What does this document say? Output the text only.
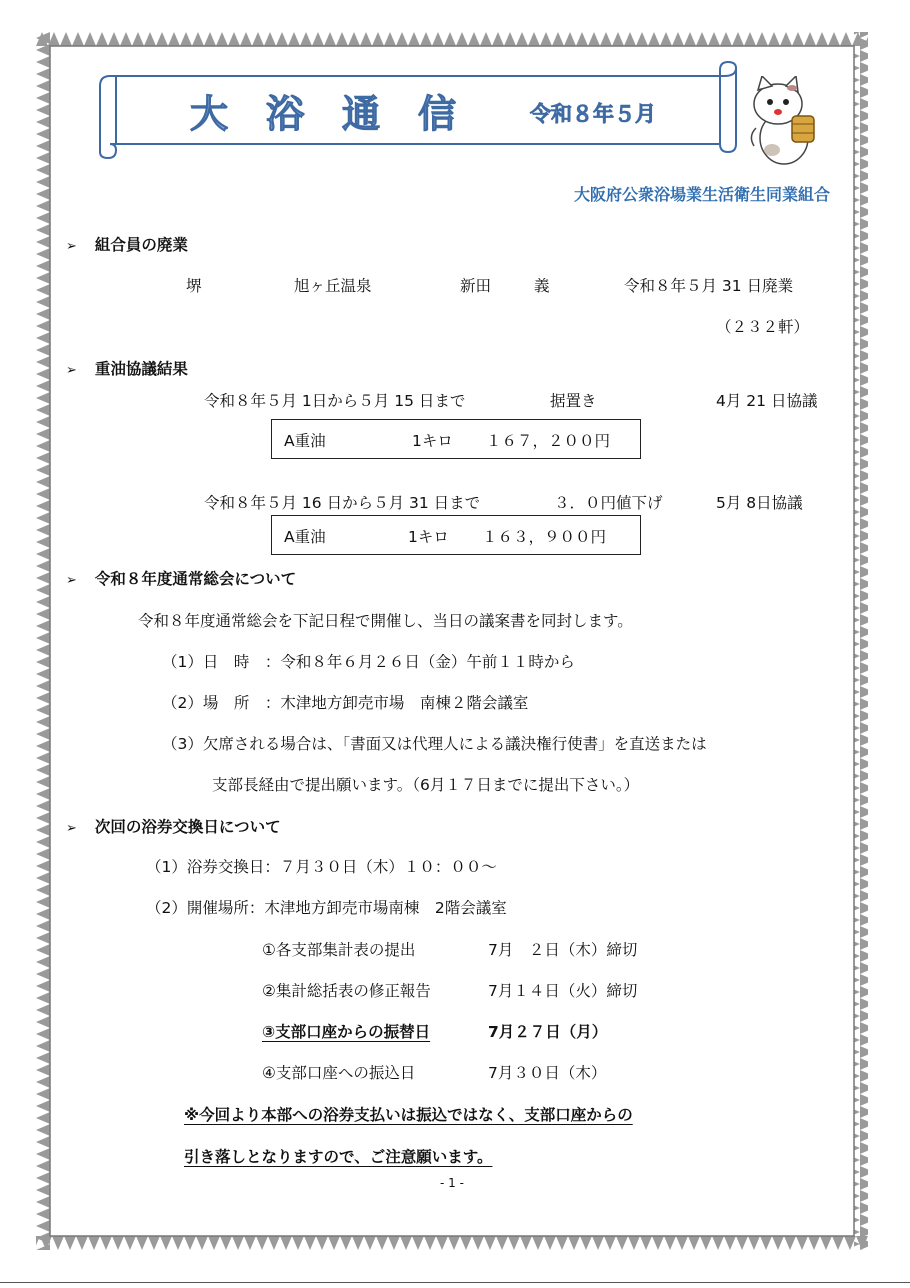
大浴通信 令和８年５月
大阪府公衆浴場業生活衛生同業組合
➢ 組合員の廃業
堺	旭ヶ丘温泉	新田	義	令和８年５月 31 日廃業
（２３２軒）
➢ 重油協議結果
令和８年５月 1日から５月 15 日まで	据置き	4月 21 日協議
A重油	1キロ １６７，２００円
令和８年５月 16 日から５月 31 日まで	３．０円値下げ	5月 8日協議
A重油	1キロ １６３，９００円
➢ 令和８年度通常総会について
令和８年度通常総会を下記日程で開催し、当日の議案書を同封します。
（1）日　時　：令和８年６月２６日（金）午前１１時から
（2）場　所　：木津地方卸売市場　南棟２階会議室
（3）欠席される場合は、「書面又は代理人による議決権行使書」を直送または
支部長経由で提出願います。（6月１７日までに提出下さい。）
➢ 次回の浴券交換日について
（1）浴券交換日：７月３０日（木）１０：００～
（2）開催場所：木津地方卸売市場南棟　2階会議室
①各支部集計表の提出	7月　２日（木）締切
②集計総括表の修正報告	7月１４日（火）締切
③支部口座からの振替日	7月２７日（月）
④支部口座への振込日	7月３０日（木）
※今回より本部への浴券支払いは振込ではなく、支部口座からの
引き落しとなりますので、ご注意願います。
- 1 -
